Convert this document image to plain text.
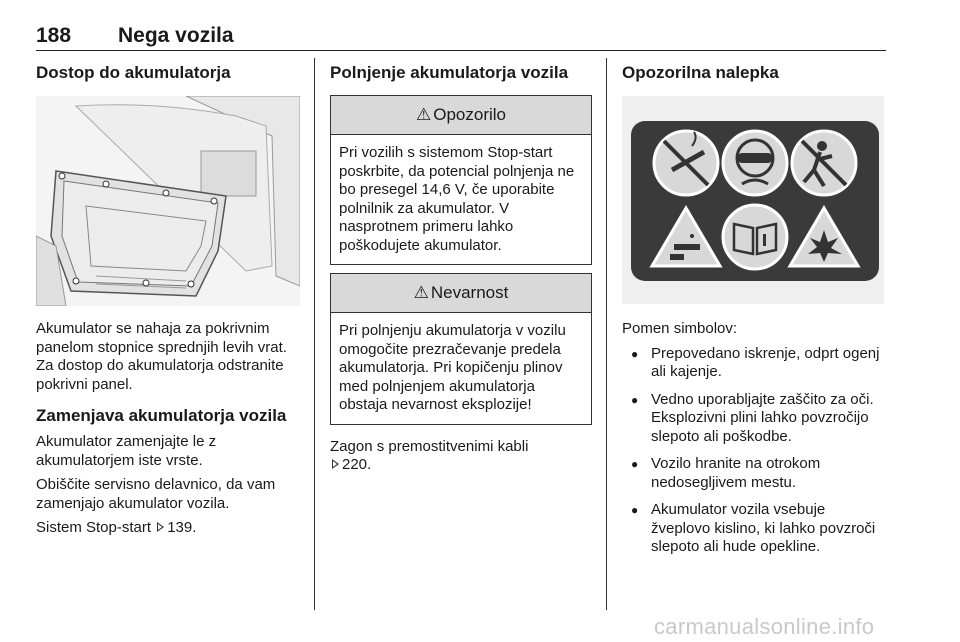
188 Nega vozila
Dostop do akumulatorja

Akumulator se nahaja za pokrivnim panelom stopnice sprednjih levih vrat. Za dostop do akumulatorja odstranite pokrivni panel.

Zamenjava akumulatorja vozila

Akumulator zamenjajte le z akumulatorjem iste vrste.

Obiščite servisno delavnico, da vam zamenjajo akumulator vozila.

Sistem Stop-start 139.

Polnjenje akumulatorja vozila
⚠ Opozorilo

Pri vozilih s sistemom Stop-start poskrbite, da potencial polnjenja ne bo presegel 14,6 V, če uporabite polnilnik za akumulator. V nasprotnem primeru lahko poškodujete akumulator.

⚠ Nevarnost

Pri polnjenju akumulatorja v vozilu omogočite prezračevanje predela akumulatorja. Pri kopičenju plinov med polnjenjem akumulatorja obstaja nevarnost eksplozije!

Zagon s premostitvenimi kabli
220.

Opozorilna nalepka

Pomen simbolov:

● Prepovedano iskrenje, odprt ogenj ali kajenje.
● Vedno uporabljajte zaščito za oči. Eksplozivni plini lahko povzročijo slepoto ali poškodbe.
● Vozilo hranite na otrokom nedosegljivem mestu.
● Akumulator vozila vsebuje žveplovo kislino, ki lahko povzroči slepoto ali hude opekline.
carmanualsonline.info
